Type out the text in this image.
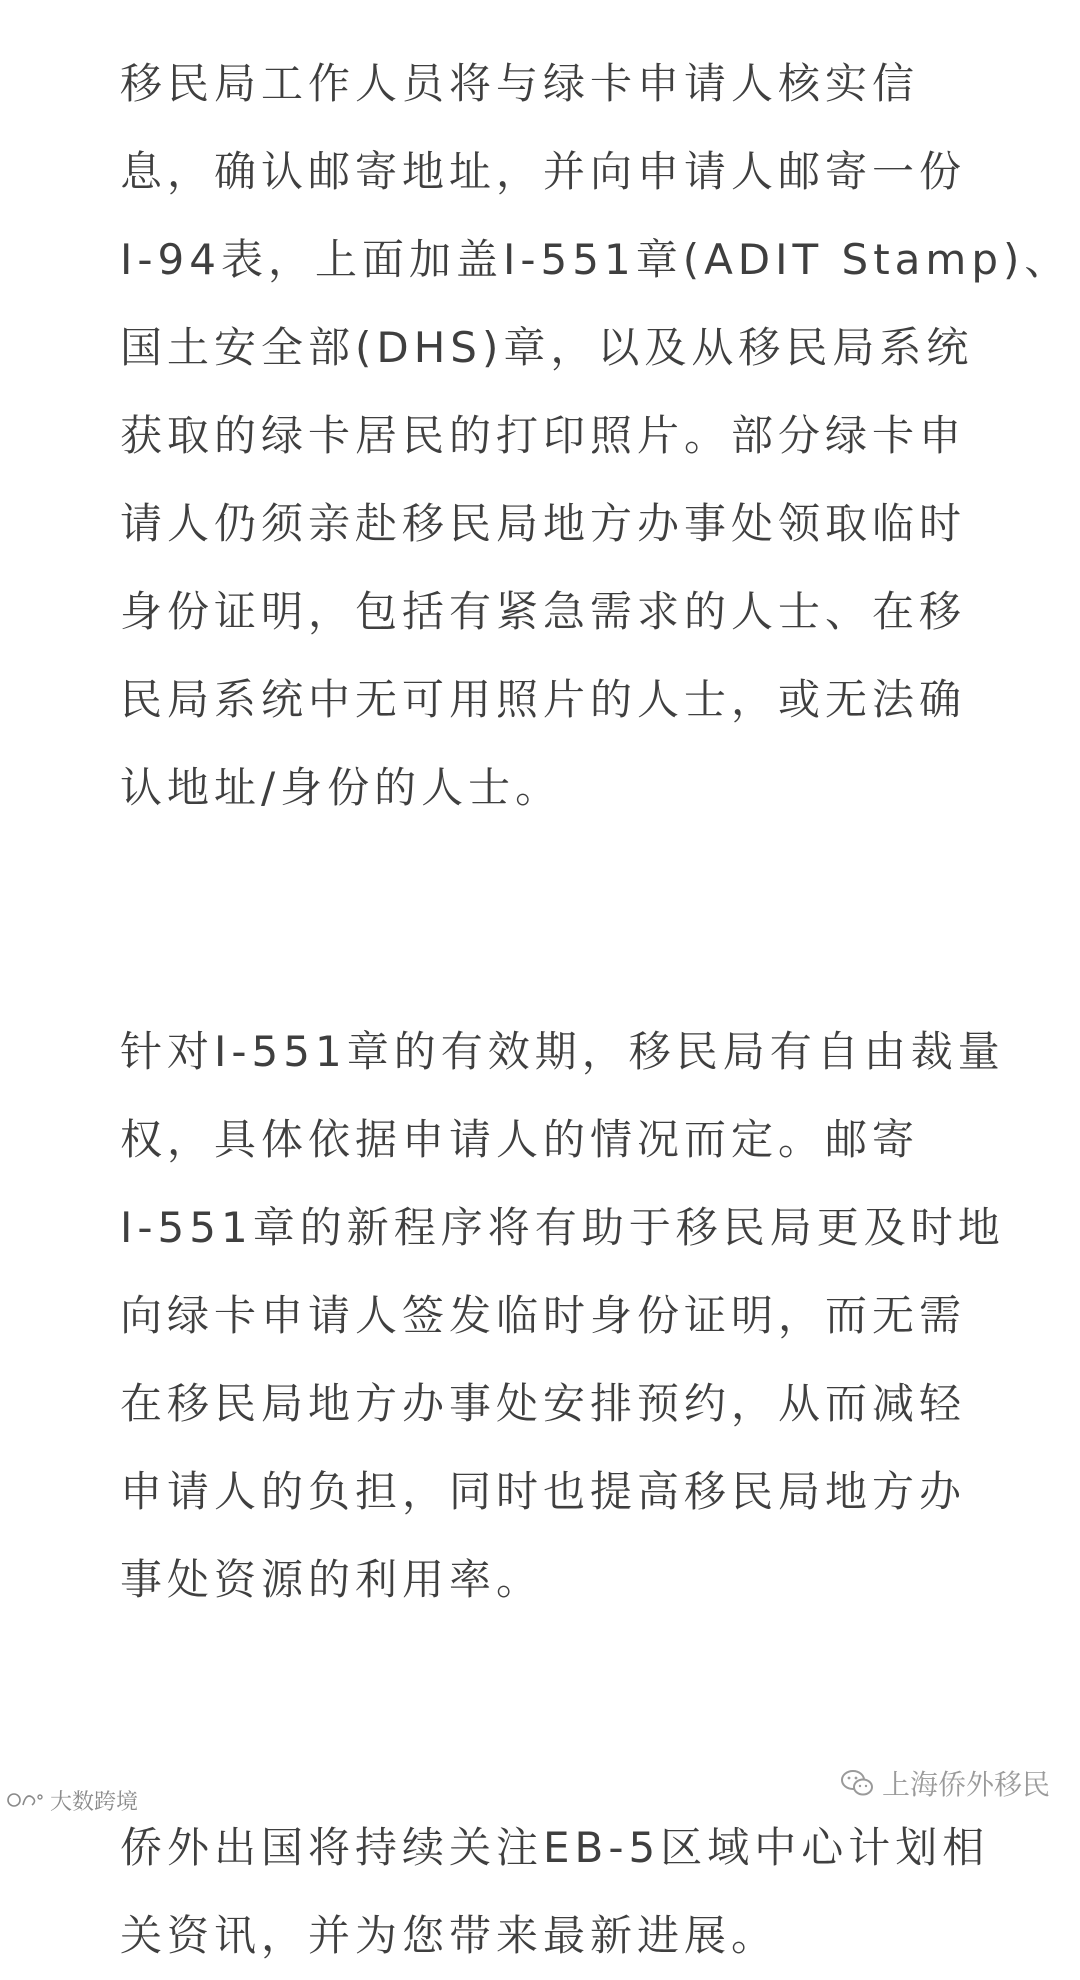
移民局工作人员将与绿卡申请人核实信
息，确认邮寄地址，并向申请人邮寄一份
I-94表，上面加盖I-551章(ADIT Stamp)、
国土安全部(DHS)章，以及从移民局系统
获取的绿卡居民的打印照片。部分绿卡申
请人仍须亲赴移民局地方办事处领取临时
身份证明，包括有紧急需求的人士、在移
民局系统中无可用照片的人士，或无法确
认地址/身份的人士。
针对I-551章的有效期，移民局有自由裁量
权，具体依据申请人的情况而定。邮寄
I-551章的新程序将有助于移民局更及时地
向绿卡申请人签发临时身份证明，而无需
在移民局地方办事处安排预约，从而减轻
申请人的负担，同时也提高移民局地方办
事处资源的利用率。
侨外出国将持续关注EB-5区域中心计划相
关资讯，并为您带来最新进展。
上海侨外移民
大数跨境
